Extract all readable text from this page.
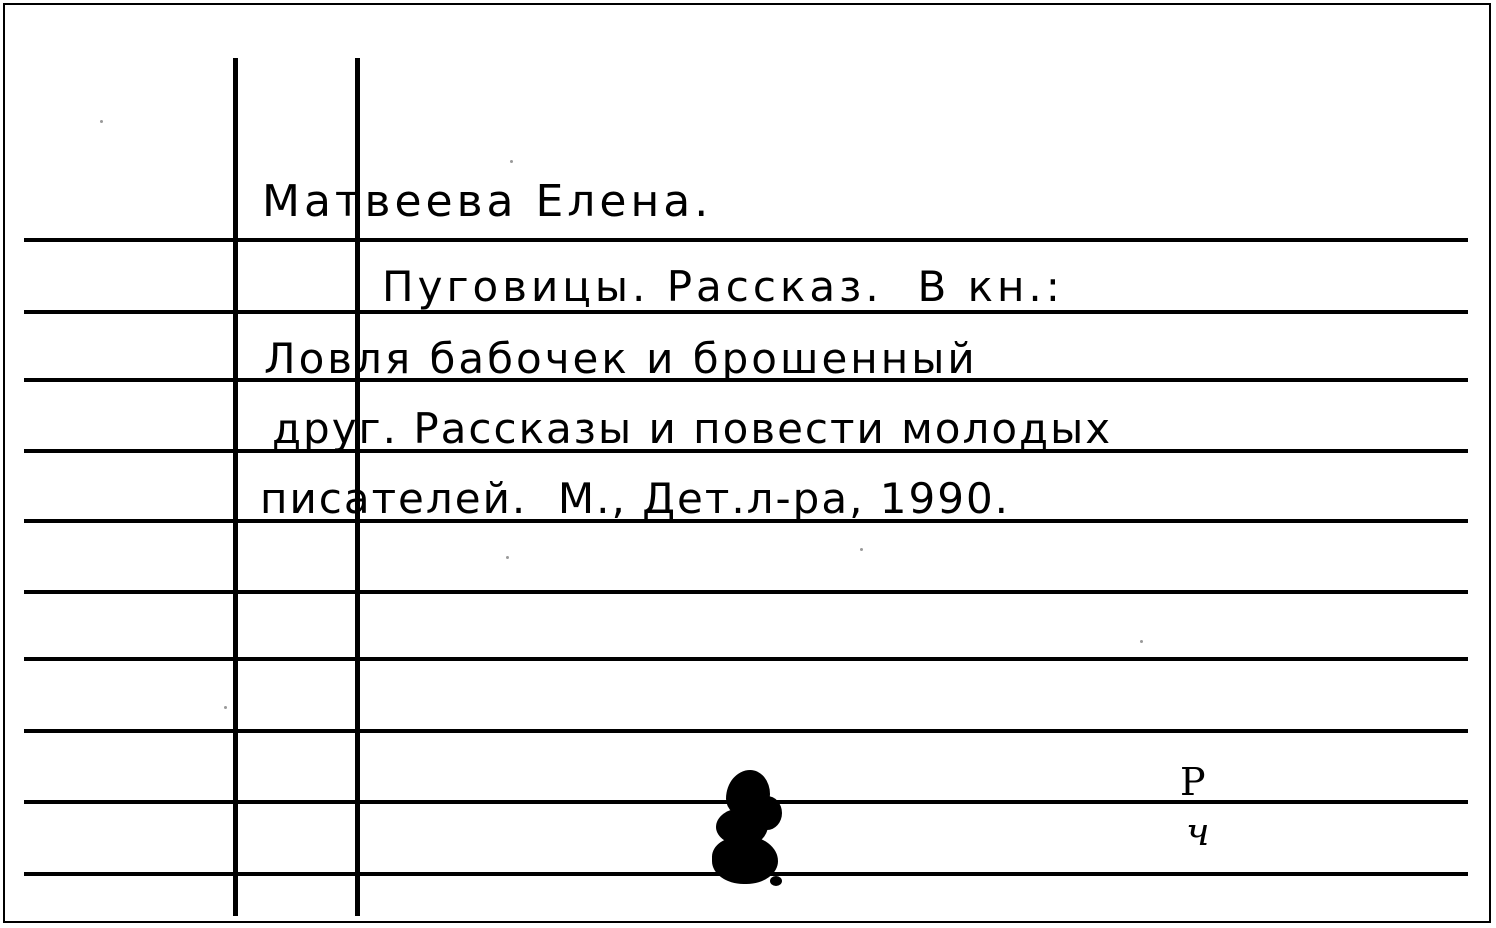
Матвеева Елена.
Пуговицы. Рассказ.  В кн.:
Ловля бабочек и брошенный
друг. Рассказы и повести молодых
писателей.  М., Дет.л-ра, 1990.
Р
ч
